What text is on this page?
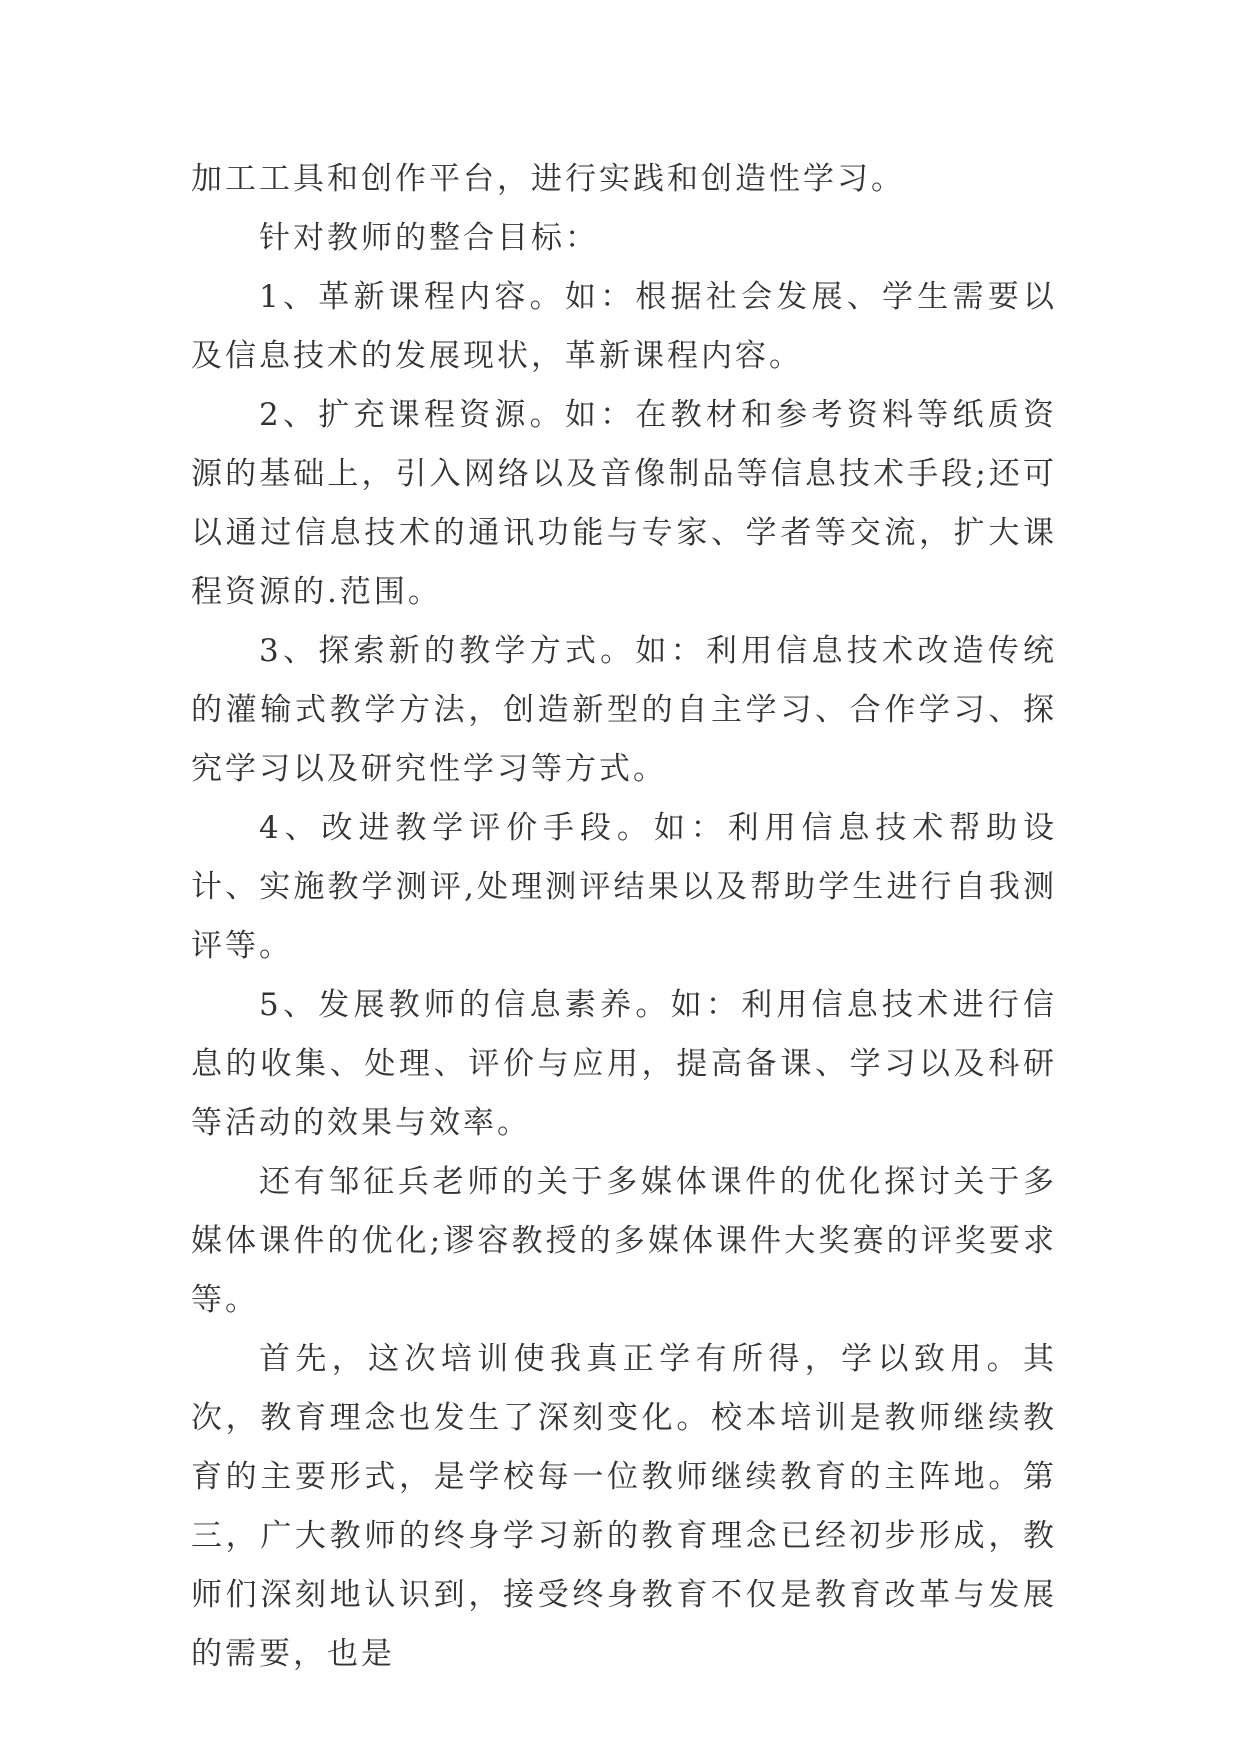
加工工具和创作平台，进行实践和创造性学习。

针对教师的整合目标：

1、革新课程内容。如：根据社会发展、学生需要以及信息技术的发展现状，革新课程内容。

2、扩充课程资源。如：在教材和参考资料等纸质资源的基础上，引入网络以及音像制品等信息技术手段;还可以通过信息技术的通讯功能与专家、学者等交流，扩大课程资源的.范围。

3、探索新的教学方式。如：利用信息技术改造传统的灌输式教学方法，创造新型的自主学习、合作学习、探究学习以及研究性学习等方式。

4、改进教学评价手段。如：利用信息技术帮助设计、实施教学测评,处理测评结果以及帮助学生进行自我测评等。

5、发展教师的信息素养。如：利用信息技术进行信息的收集、处理、评价与应用，提高备课、学习以及科研等活动的效果与效率。

还有邹征兵老师的关于多媒体课件的优化探讨关于多媒体课件的优化;谬容教授的多媒体课件大奖赛的评奖要求等。

首先，这次培训使我真正学有所得，学以致用。其次，教育理念也发生了深刻变化。校本培训是教师继续教育的主要形式，是学校每一位教师继续教育的主阵地。第三，广大教师的终身学习新的教育理念已经初步形成，教师们深刻地认识到，接受终身教育不仅是教育改革与发展的需要，也是
